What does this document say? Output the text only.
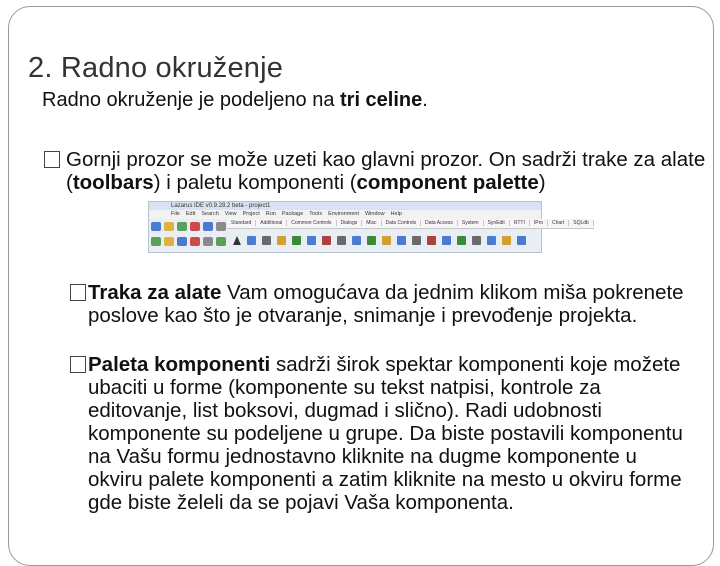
2. Radno okruženje
Radno okruženje je podeljeno na tri celine.
Gornji prozor se može uzeti kao glavni prozor. On sadrži trake za alate (toolbars) i paletu komponenti (component palette)
Lazarus IDE v0.9.28.2 beta - project1
File Edit Search View Project Run Package Tools Environment Window Help
Standard Additional Common Controls Dialogs Misc Data Controls Data Access System SynEdit RTTI IPro Chart SQLdb
Traka za alate Vam omogućava da jednim klikom miša pokrenete poslove kao što je otvaranje, snimanje i prevođenje projekta.
Paleta komponenti sadrži širok spektar komponenti koje možete ubaciti u forme (komponente su tekst natpisi, kontrole za editovanje, list boksovi, dugmad i slično). Radi udobnosti komponente su podeljene u grupe. Da biste postavili komponentu na Vašu formu jednostavno kliknite na dugme komponente u okviru palete komponenti a zatim kliknite na mesto u okviru forme gde biste želeli da se pojavi Vaša komponenta.
